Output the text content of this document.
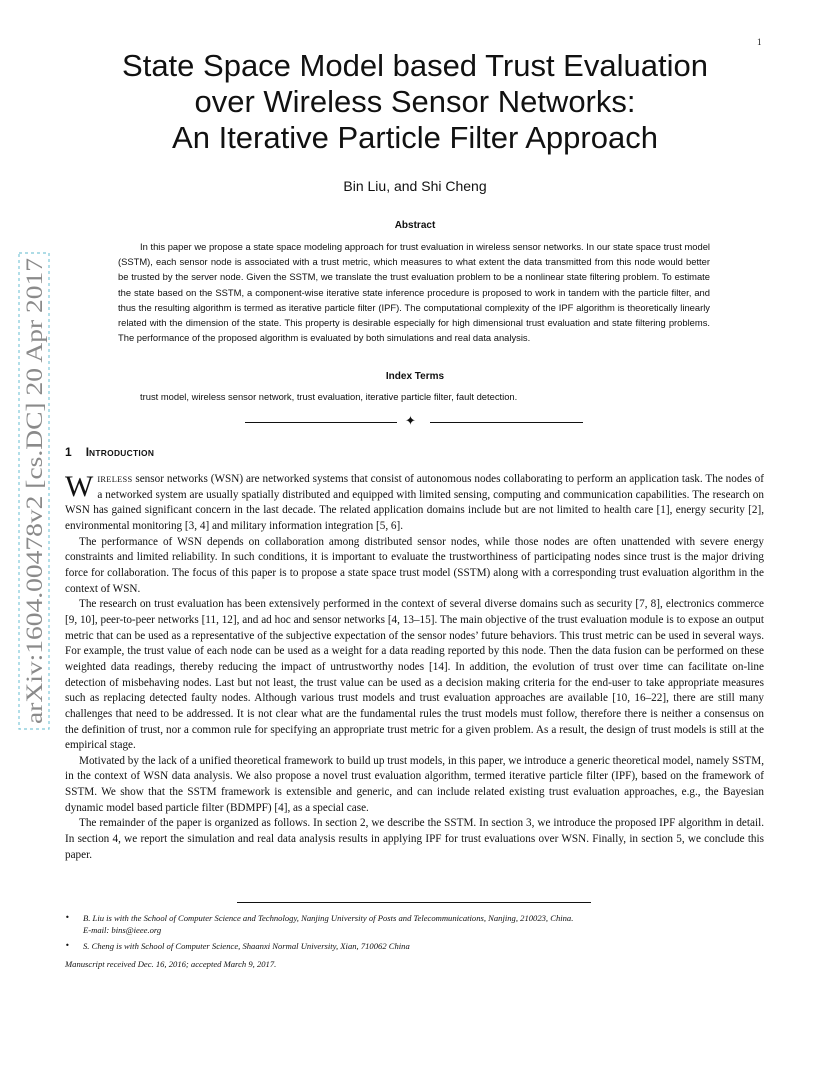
1
arXiv:1604.00478v2 [cs.DC] 20 Apr 2017
State Space Model based Trust Evaluation
over Wireless Sensor Networks:
An Iterative Particle Filter Approach
Bin Liu, and Shi Cheng
Abstract

In this paper we propose a state space modeling approach for trust evaluation in wireless sensor networks. In our state space trust model (SSTM), each sensor node is associated with a trust metric, which measures to what extent the data transmitted from this node would better be trusted by the server node. Given the SSTM, we translate the trust evaluation problem to be a nonlinear state filtering problem. To estimate the state based on the SSTM, a component-wise iterative state inference procedure is proposed to work in tandem with the particle filter, and thus the resulting algorithm is termed as iterative particle filter (IPF). The computational complexity of the IPF algorithm is theoretically linearly related with the dimension of the state. This property is desirable especially for high dimensional trust evaluation and state filtering problems. The performance of the proposed algorithm is evaluated by both simulations and real data analysis.

Index Terms
trust model, wireless sensor network, trust evaluation, iterative particle filter, fault detection.
✦
1 INTRODUCTION

WIRELESS sensor networks (WSN) are networked systems that consist of autonomous nodes collaborating to perform an application task. The nodes of a networked system are usually spatially distributed and equipped with limited sensing, computing and communication capabilities. The research on WSN has gained significant concern in the last decade. The related application domains include but are not limited to health care [1], energy security [2], environmental monitoring [3, 4] and military information integration [5, 6].

The performance of WSN depends on collaboration among distributed sensor nodes, while those nodes are often unattended with severe energy constraints and limited reliability. In such conditions, it is important to evaluate the trustworthiness of participating nodes since trust is the major driving force for collaboration. The focus of this paper is to propose a state space trust model (SSTM) along with a corresponding trust evaluation algorithm in the context of WSN.

The research on trust evaluation has been extensively performed in the context of several diverse domains such as security [7, 8], electronics commerce [9, 10], peer-to-peer networks [11, 12], and ad hoc and sensor networks [4, 13–15]. The main objective of the trust evaluation module is to expose an output metric that can be used as a representative of the subjective expectation of the sensor nodes’ future behaviors. This trust metric can be used in several ways. For example, the trust value of each node can be used as a weight for a data reading reported by this node. Then the data fusion can be performed on these weighted data readings, thereby reducing the impact of untrustworthy nodes [14]. In addition, the evolution of trust over time can facilitate on-line detection of misbehaving nodes. Last but not least, the trust value can be used as a decision making criteria for the end-user to take appropriate measures such as replacing detected faulty nodes. Although various trust models and trust evaluation approaches are available [10, 16–22], there are still many challenges that need to be addressed. It is not clear what are the fundamental rules the trust models must follow, therefore there is neither a consensus on the definition of trust, nor a common rule for specifying an appropriate trust metric for a given problem. As a result, the design of trust models is still at the empirical stage.

Motivated by the lack of a unified theoretical framework to build up trust models, in this paper, we introduce a generic theoretical model, namely SSTM, in the context of WSN data analysis. We also propose a novel trust evaluation algorithm, termed iterative particle filter (IPF), based on the framework of SSTM. We show that the SSTM framework is extensible and generic, and can include related existing trust evaluation approaches, e.g., the Bayesian dynamic model based particle filter (BDMPF) [4], as a special case.

The remainder of the paper is organized as follows. In section 2, we describe the SSTM. In section 3, we introduce the proposed IPF algorithm in detail. In section 4, we report the simulation and real data analysis results in applying IPF for trust evaluations over WSN. Finally, in section 5, we conclude this paper.

• B. Liu is with the School of Computer Science and Technology, Nanjing University of Posts and Telecommunications, Nanjing, 210023, China.
E-mail: bins@ieee.org
• S. Cheng is with School of Computer Science, Shaanxi Normal University, Xian, 710062 China
Manuscript received Dec. 16, 2016; accepted March 9, 2017.
